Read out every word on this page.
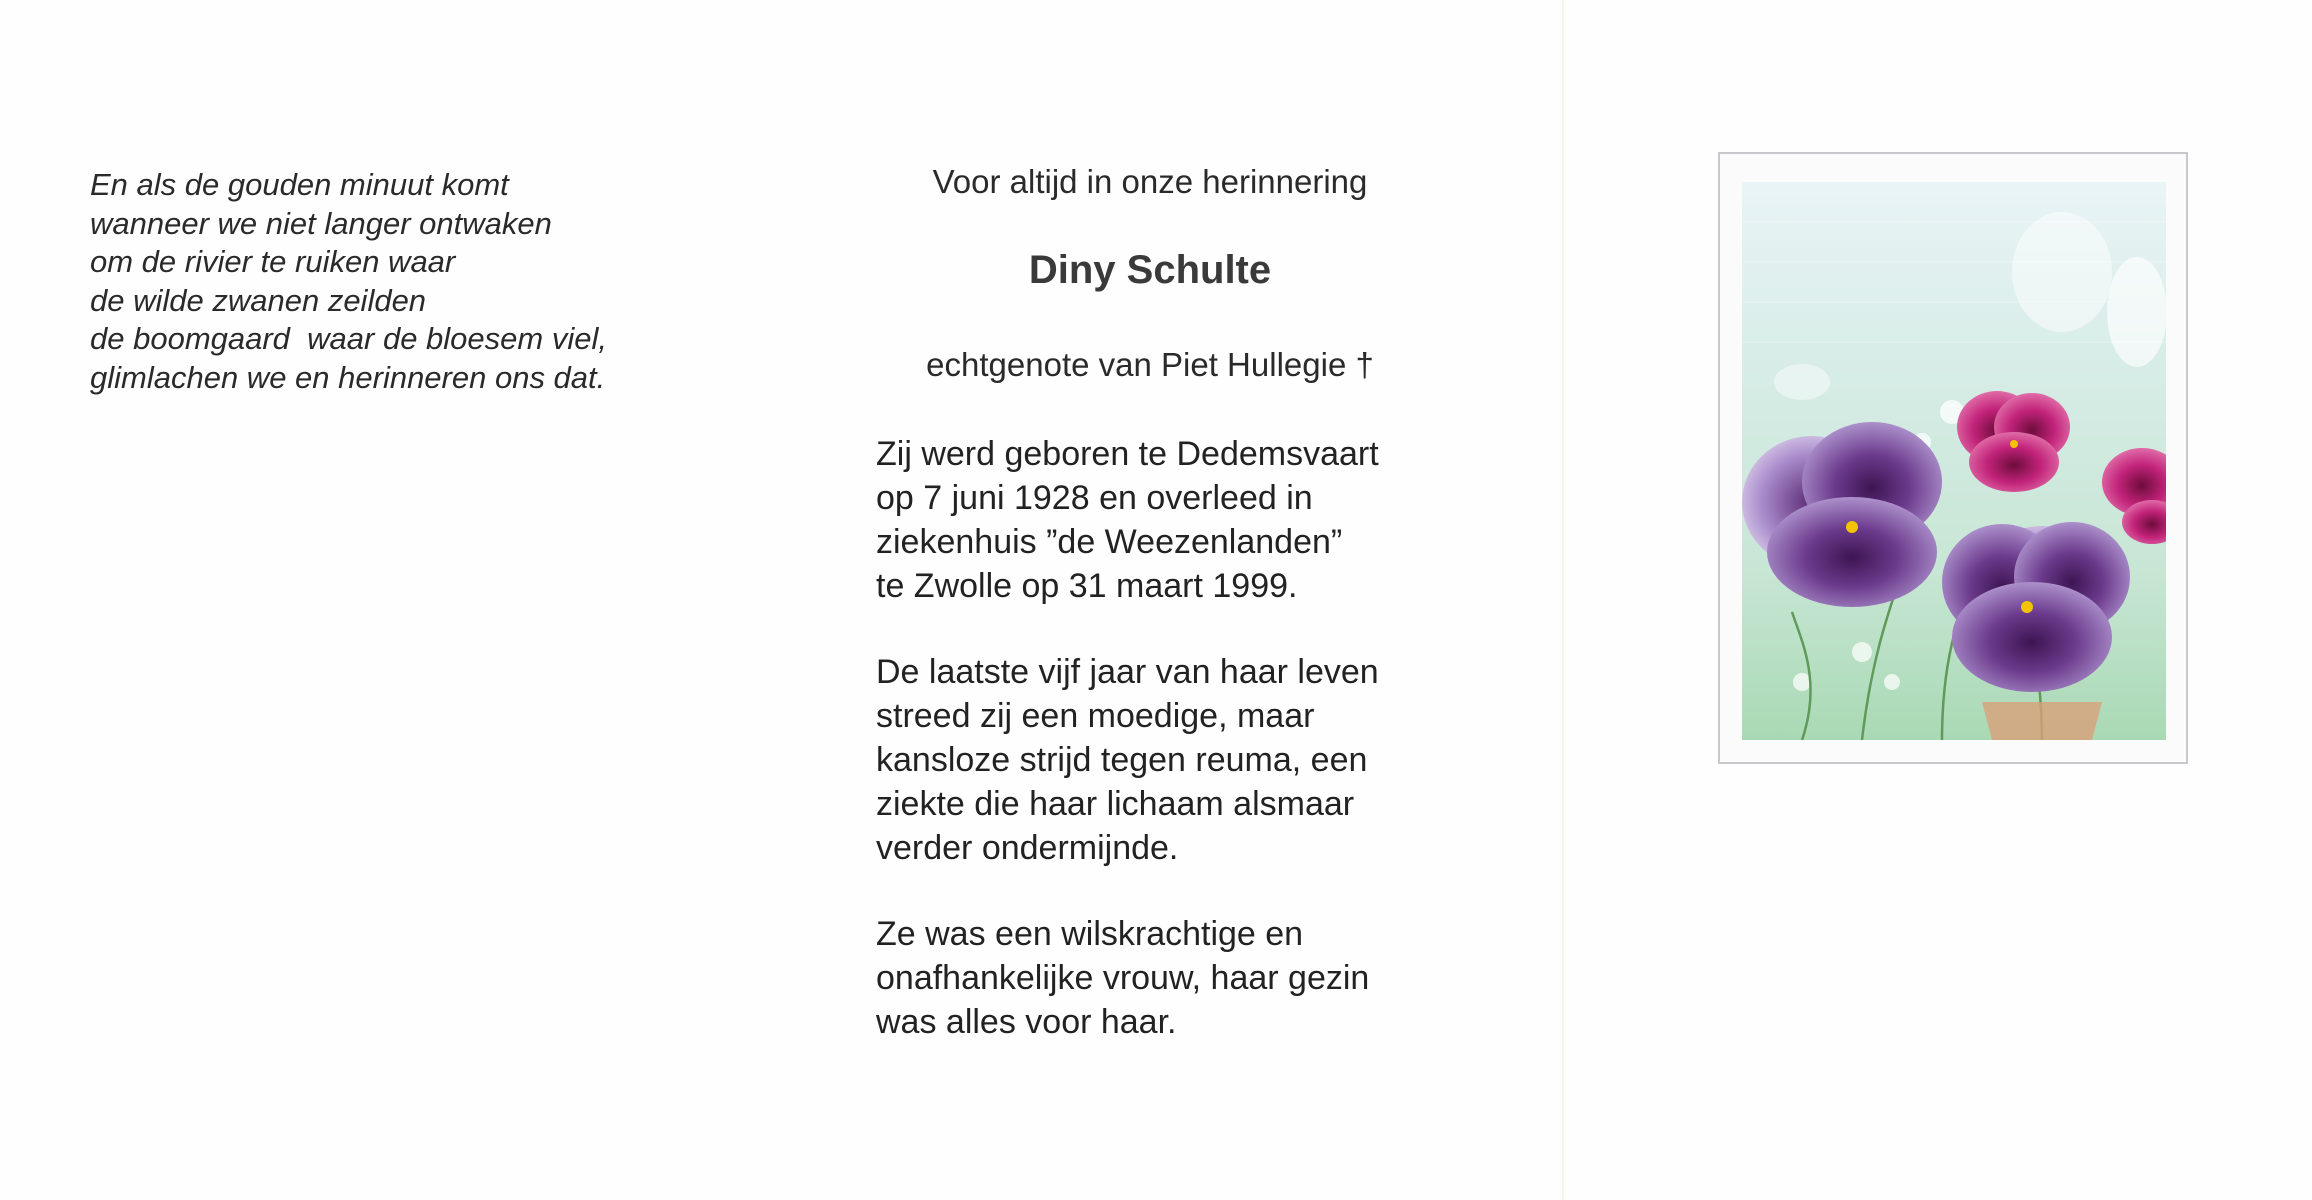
En als de gouden minuut komt
wanneer we niet langer ontwaken
om de rivier te ruiken waar
de wilde zwanen zeilden
de boomgaard  waar de bloesem viel,
glimlachen we en herinneren ons dat.
Voor altijd in onze herinnering
Diny Schulte
echtgenote van Piet Hullegie †
Zij werd geboren te Dedemsvaart
op 7 juni 1928 en overleed in
ziekenhuis ”de Weezenlanden”
te Zwolle op 31 maart 1999.
De laatste vijf jaar van haar leven
streed zij een moedige, maar
kansloze strijd tegen reuma, een
ziekte die haar lichaam alsmaar
verder ondermijnde.
Ze was een wilskrachtige en
onafhankelijke vrouw, haar gezin
was alles voor haar.
